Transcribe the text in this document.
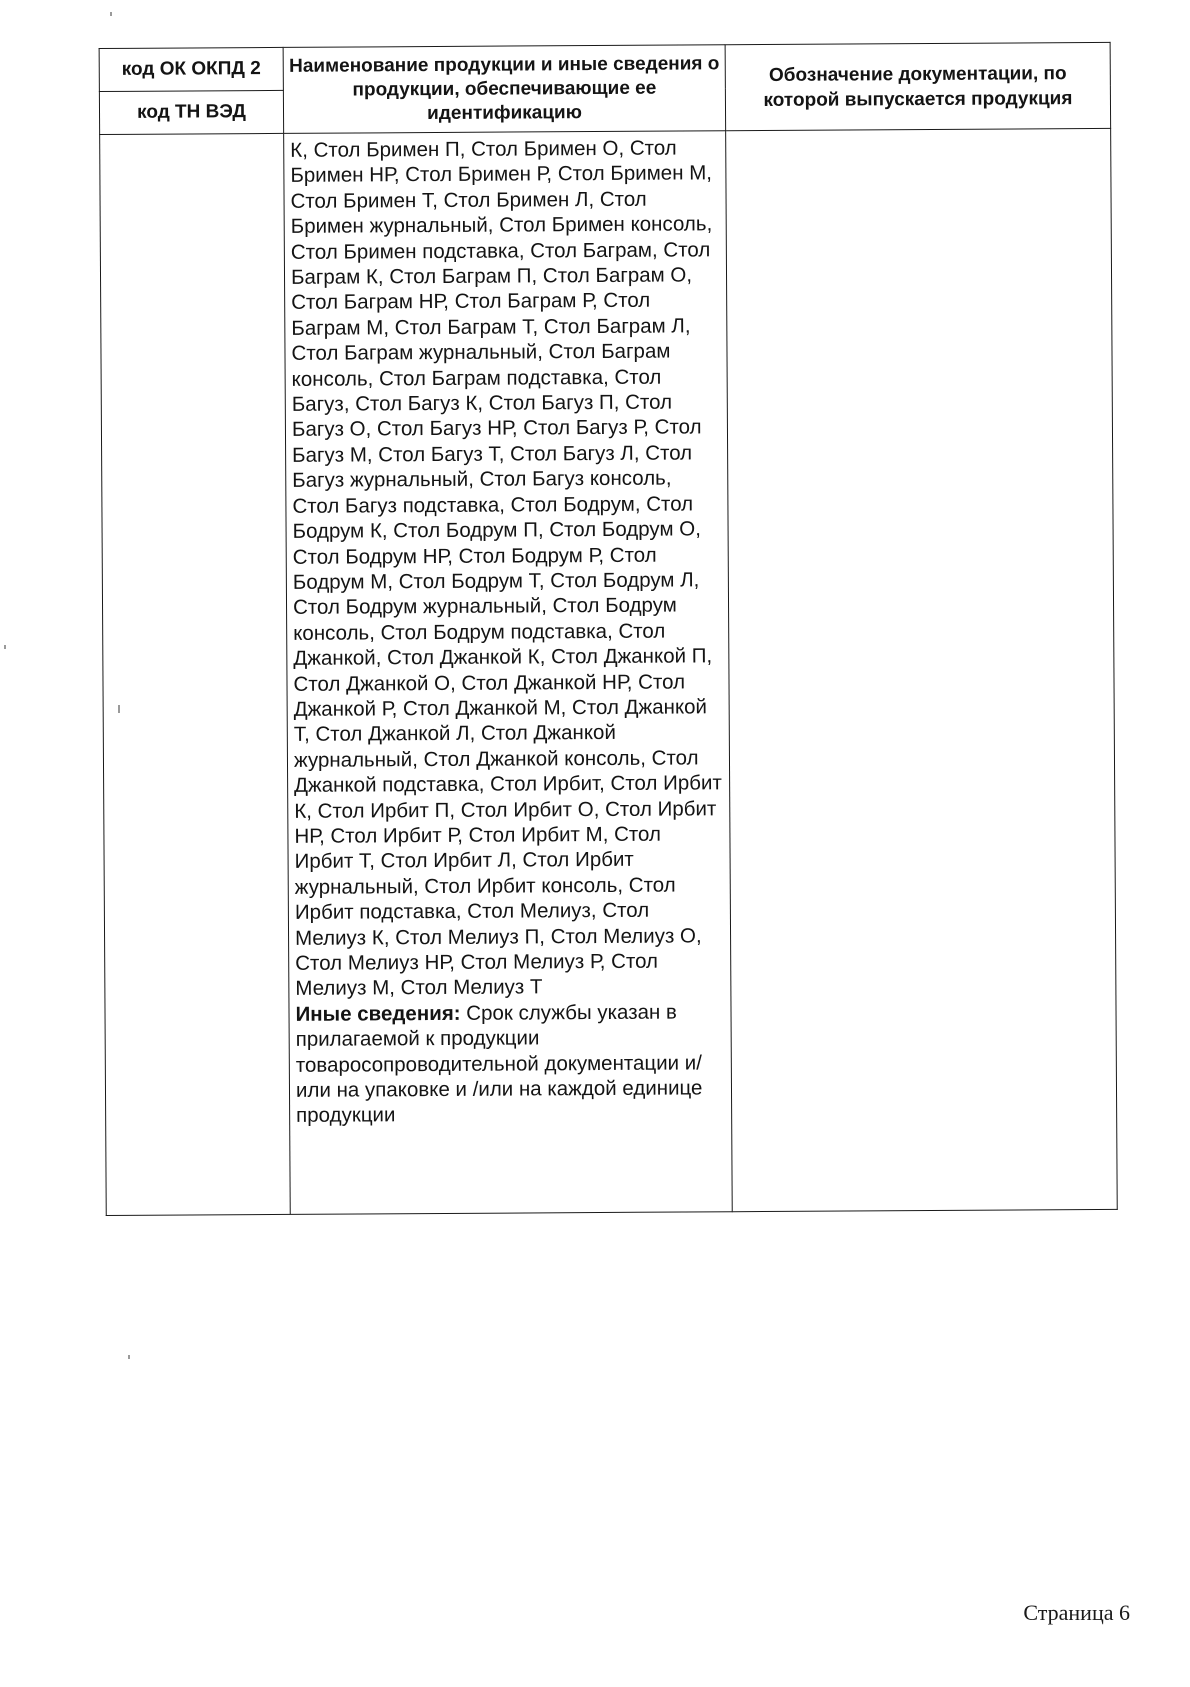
код ОК ОКПД 2	Наименование продукции и иные сведения о продукции, обеспечивающие ее идентификацию	Обозначение документации, по которой выпускается продукция
код ТН ВЭД		
	К, Стол Бримен П, Стол Бримен О, Стол Бримен НР, Стол Бримен Р, Стол Бримен М, Стол Бримен Т, Стол Бримен Л, Стол Бримен журнальный, Стол Бримен консоль, Стол Бримен подставка, Стол Баграм, Стол Баграм К, Стол Баграм П, Стол Баграм О, Стол Баграм НР, Стол Баграм Р, Стол Баграм М, Стол Баграм Т, Стол Баграм Л, Стол Баграм журнальный, Стол Баграм консоль, Стол Баграм подставка, Стол Багуз, Стол Багуз К, Стол Багуз П, Стол Багуз О, Стол Багуз НР, Стол Багуз Р, Стол Багуз М, Стол Багуз Т, Стол Багуз Л, Стол Багуз журнальный, Стол Багуз консоль, Стол Багуз подставка, Стол Бодрум, Стол Бодрум К, Стол Бодрум П, Стол Бодрум О, Стол Бодрум НР, Стол Бодрум Р, Стол Бодрум М, Стол Бодрум Т, Стол Бодрум Л, Стол Бодрум журнальный, Стол Бодрум консоль, Стол Бодрум подставка, Стол Джанкой, Стол Джанкой К, Стол Джанкой П, Стол Джанкой О, Стол Джанкой НР, Стол Джанкой Р, Стол Джанкой М, Стол Джанкой Т, Стол Джанкой Л, Стол Джанкой журнальный, Стол Джанкой консоль, Стол Джанкой подставка, Стол Ирбит, Стол Ирбит К, Стол Ирбит П, Стол Ирбит О, Стол Ирбит НР, Стол Ирбит Р, Стол Ирбит М, Стол Ирбит Т, Стол Ирбит Л, Стол Ирбит журнальный, Стол Ирбит консоль, Стол Ирбит подставка, Стол Мелиуз, Стол Мелиуз К, Стол Мелиуз П, Стол Мелиуз О, Стол Мелиуз НР, Стол Мелиуз Р, Стол Мелиуз М, Стол Мелиуз Т
Иные сведения: Срок службы указан в прилагаемой к продукции товаросопроводительной документации и/или на упаковке и /или на каждой единице продукции	
Страница 6
